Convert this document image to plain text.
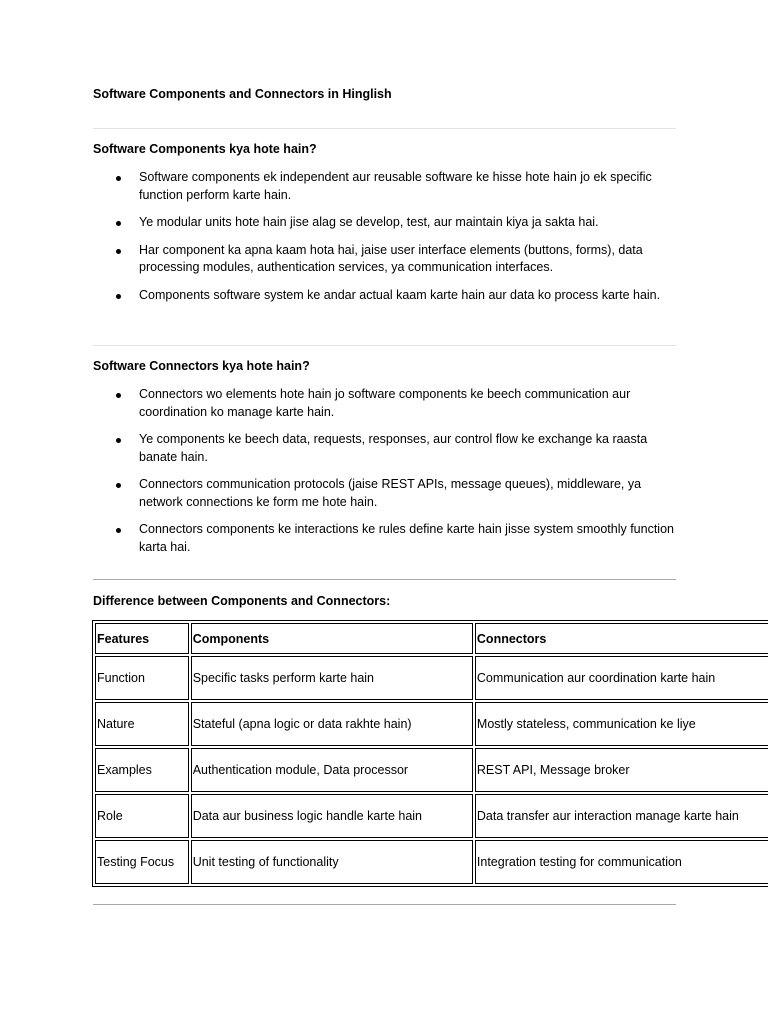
Software Components and Connectors in Hinglish
Software Components kya hote hain?
Software components ek independent aur reusable software ke hisse hote hain jo ek specific function perform karte hain.
Ye modular units hote hain jise alag se develop, test, aur maintain kiya ja sakta hai.
Har component ka apna kaam hota hai, jaise user interface elements (buttons, forms), data processing modules, authentication services, ya communication interfaces.
Components software system ke andar actual kaam karte hain aur data ko process karte hain.
Software Connectors kya hote hain?
Connectors wo elements hote hain jo software components ke beech communication aur coordination ko manage karte hain.
Ye components ke beech data, requests, responses, aur control flow ke exchange ka raasta banate hain.
Connectors communication protocols (jaise REST APIs, message queues), middleware, ya network connections ke form me hote hain.
Connectors components ke interactions ke rules define karte hain jisse system smoothly function karta hai.
Difference between Components and Connectors:
Features	Components	Connectors
Function	Specific tasks perform karte hain	Communication aur coordination karte hain
Nature	Stateful (apna logic or data rakhte hain)	Mostly stateless, communication ke liye
Examples	Authentication module, Data processor	REST API, Message broker
Role	Data aur business logic handle karte hain	Data transfer aur interaction manage karte hain
Testing Focus	Unit testing of functionality	Integration testing for communication
